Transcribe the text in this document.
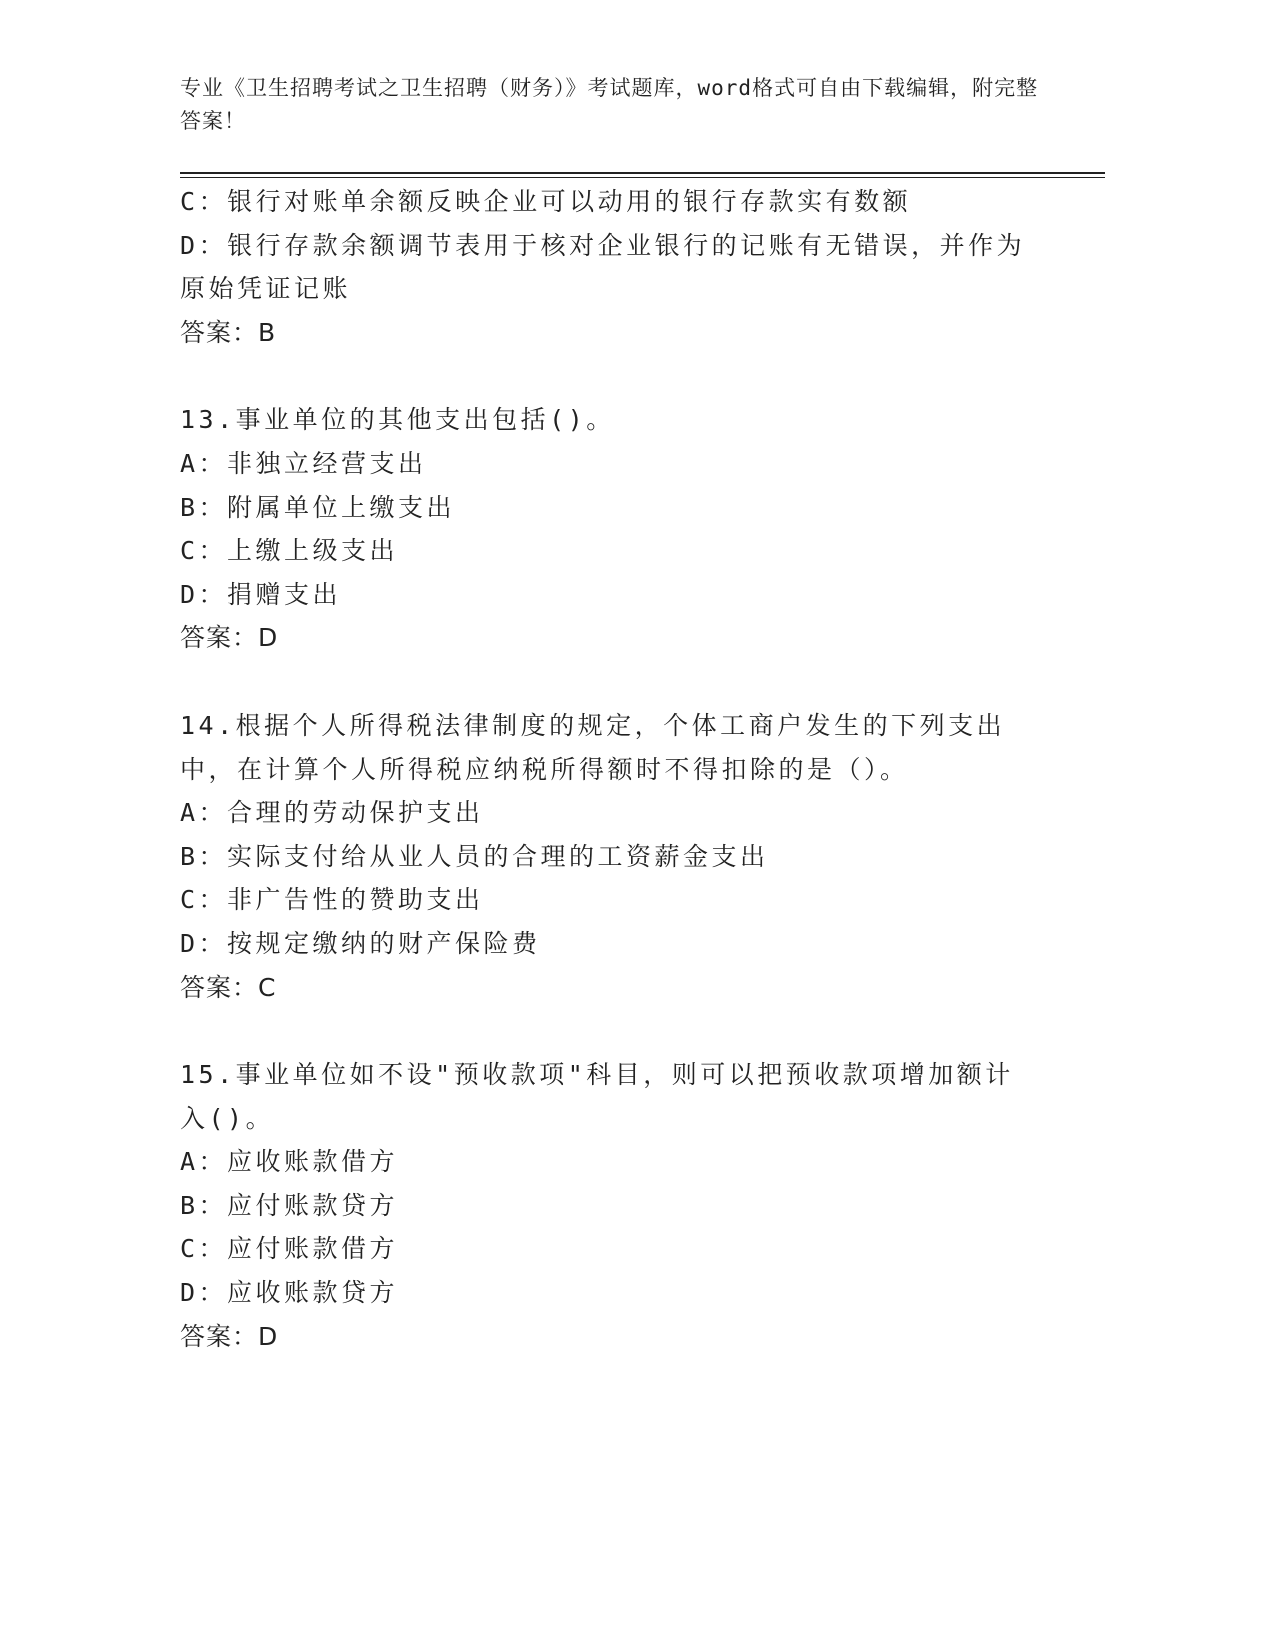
专业《卫生招聘考试之卫生招聘（财务）》考试题库，word格式可自由下载编辑，附完整答案！

C：银行对账单余额反映企业可以动用的银行存款实有数额

D：银行存款余额调节表用于核对企业银行的记账有无错误，并作为原始凭证记账

答案：B

13.事业单位的其他支出包括()。

A：非独立经营支出

B：附属单位上缴支出

C：上缴上级支出

D：捐赠支出

答案：D

14.根据个人所得税法律制度的规定，个体工商户发生的下列支出中，在计算个人所得税应纳税所得额时不得扣除的是（）。

A：合理的劳动保护支出

B：实际支付给从业人员的合理的工资薪金支出

C：非广告性的赞助支出

D：按规定缴纳的财产保险费

答案：C

15.事业单位如不设"预收款项"科目，则可以把预收款项增加额计入()。

A：应收账款借方

B：应付账款贷方

C：应付账款借方

D：应收账款贷方

答案：D
